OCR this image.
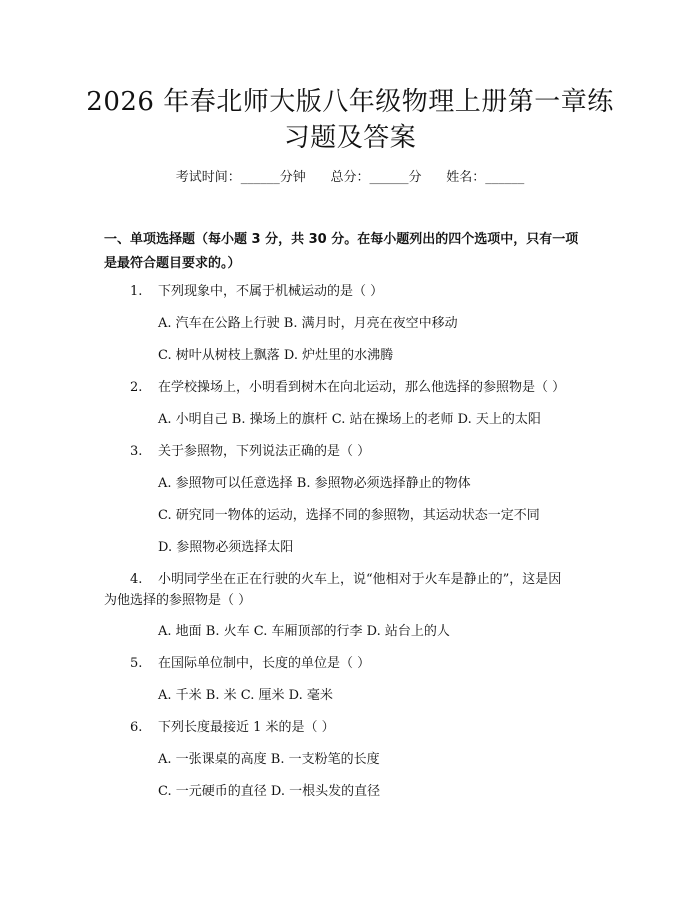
2026 年春北师大版八年级物理上册第一章练
习题及答案
考试时间：______分钟      总分：______分      姓名：______
一、单项选择题（每小题 3 分，共 30 分。在每小题列出的四个选项中，只有一项
是最符合题目要求的。）
1. 下列现象中，不属于机械运动的是（ ）
A. 汽车在公路上行驶 B. 满月时，月亮在夜空中移动
C. 树叶从树枝上飘落 D. 炉灶里的水沸腾
2. 在学校操场上，小明看到树木在向北运动，那么他选择的参照物是（ ）
A. 小明自己 B. 操场上的旗杆 C. 站在操场上的老师 D. 天上的太阳
3. 关于参照物，下列说法正确的是（ ）
A. 参照物可以任意选择 B. 参照物必须选择静止的物体
C. 研究同一物体的运动，选择不同的参照物，其运动状态一定不同
D. 参照物必须选择太阳
4. 小明同学坐在正在行驶的火车上，说“他相对于火车是静止的”，这是因
为他选择的参照物是（ ）
A. 地面 B. 火车 C. 车厢顶部的行李 D. 站台上的人
5. 在国际单位制中，长度的单位是（ ）
A. 千米 B. 米 C. 厘米 D. 毫米
6. 下列长度最接近 1 米的是（ ）
A. 一张课桌的高度 B. 一支粉笔的长度
C. 一元硬币的直径 D. 一根头发的直径
